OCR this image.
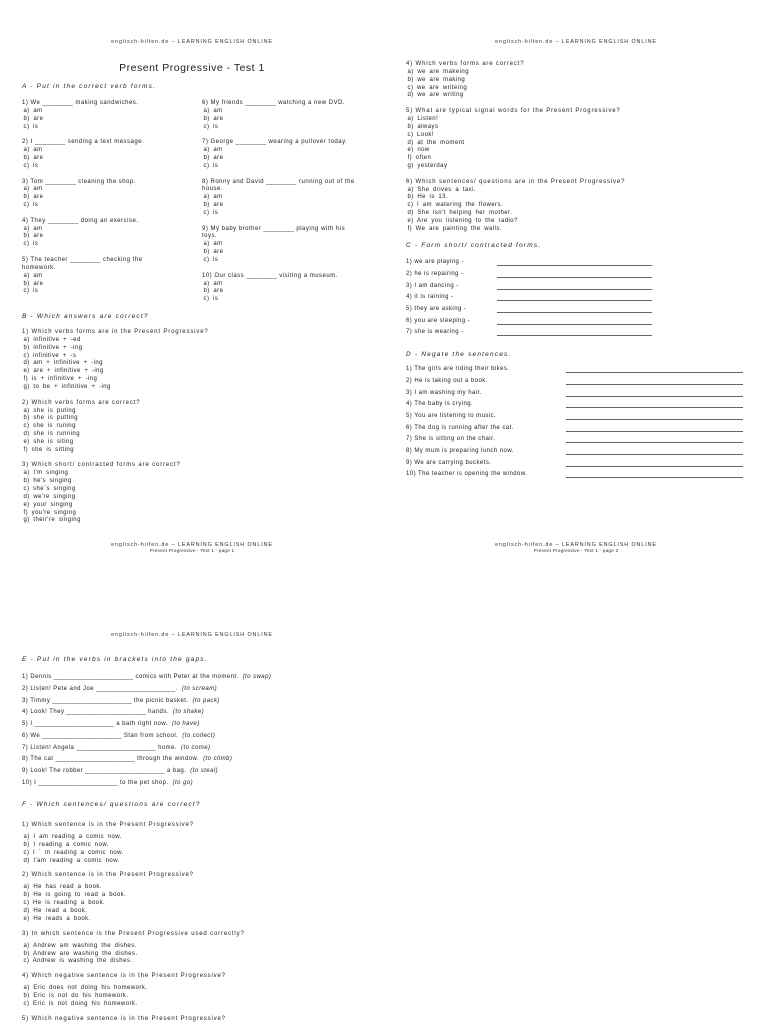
englisch-hilfen.de – LEARNING ENGLISH ONLINE
Present Progressive - Test 1
A - Put in the correct verb forms.
1) We ________ making sandwiches.
a) am
b) are
c) is
2) I ________ sending a text message.
a) am
b) are
c) is
3) Tom ________ cleaning the shop.
a) am
b) are
c) is
4) They ________ doing an exercise.
a) am
b) are
c) is
5) The teacher ________ checking the
homework.
a) am
b) are
c) is
6) My friends ________ watching a new DVD.
a) am
b) are
c) is
7) George ________ wearing a pullover today.
a) am
b) are
c) is
8) Ronny and David ________ running out of the
house.
a) am
b) are
c) is
9) My baby brother ________ playing with his
toys.
a) am
b) are
c) is
10) Our class ________ visiting a museum.
a) am
b) are
c) is
B - Which answers are correct?
1) Which verbs forms are in the Present Progressive?
a) infinitive + -ed
b) infinitive + -ing
c) infinitive + -s
d) am + infinitive + -ing
e) are + infinitive + -ing
f) is + infinitive + -ing
g) to be + infinitive + -ing
2) Which verbs forms are correct?
a) she is puting
b) she is putting
c) she is runing
d) she is running
e) she is siting
f) she is sitting
3) Which short/ contracted forms are correct?
a) I'm singing
b) he's singing
c) she´s singing
d) we're singing
e) your singing
f) you're singing
g) their're singing
englisch-hilfen.de – LEARNING ENGLISH ONLINE
Present Progressive - Test 1 - page 1
englisch-hilfen.de – LEARNING ENGLISH ONLINE
4) Which verbs forms are correct?
a) we are makeing
b) we are making
c) we are writeing
d) we are writing
5) What are typical signal words for the Present Progressive?
a) Listen!
b) always
c) Look!
d) at the moment
e) now
f) often
g) yesterday
6) Which sentences/ questions are in the Present Progressive?
a) She drives a taxi.
b) He is 13.
c) I am watering the flowers.
d) She isn't helping her mother.
e) Are you listening to the radio?
f) We are painting the walls.
C - Form short/ contracted forms.
1) we are playing -
2) he is repairing -
3) I am dancing -
4) it is raining -
5) they are asking -
6) you are sleeping -
7) she is wearing -
D - Negate the sentences.
1) The girls are riding their bikes.
2) He is taking out a book.
3) I am washing my hair.
4) The baby is crying.
5) You are listening to music.
6) The dog is running after the cat.
7) She is sitting on the chair.
8) My mum is preparing lunch now.
9) We are carrying buckets.
10) The teacher is opening the window.
englisch-hilfen.de – LEARNING ENGLISH ONLINE
Present Progressive - Test 1 - page 2
englisch-hilfen.de – LEARNING ENGLISH ONLINE
E - Put in the verbs in brackets into the gaps.
1) Dennis _____________________ comics with Peter at the moment. (to swap)
2) Listen! Pete and Joe _____________________. (to scream)
3) Timmy _____________________ the picnic basket. (to pack)
4) Look! They _____________________ hands. (to shake)
5) I _____________________ a bath right now. (to have)
6) We _____________________ Stan from school. (to collect)
7) Listen! Angela _____________________ home. (to come)
8) The cat _____________________ through the window. (to climb)
9) Look! The robber _____________________ a bag. (to steal)
10) I _____________________ to the pet shop. (to go)
F - Which sentences/ questions are correct?
1) Which sentence is in the Present Progressive?
a) I am reading a comic now.
b) I reading a comic now.
c) I ´ m reading a comic now.
d) I'am reading a comic now.
2) Which sentence is in the Present Progressive?
a) He has read a book.
b) He is going to read a book.
c) He is reading a book.
d) He read a book.
e) He reads a book.
3) In which sentence is the Present Progressive used correctly?
a) Andrew am washing the dishes.
b) Andrew are washing the dishes.
c) Andrew is washing the dishes.
4) Which negative sentence is in the Present Progressive?
a) Eric does not doing his homework.
b) Eric is not do his homework.
c) Eric is not doing his homework.
5) Which negative sentence is in the Present Progressive?
